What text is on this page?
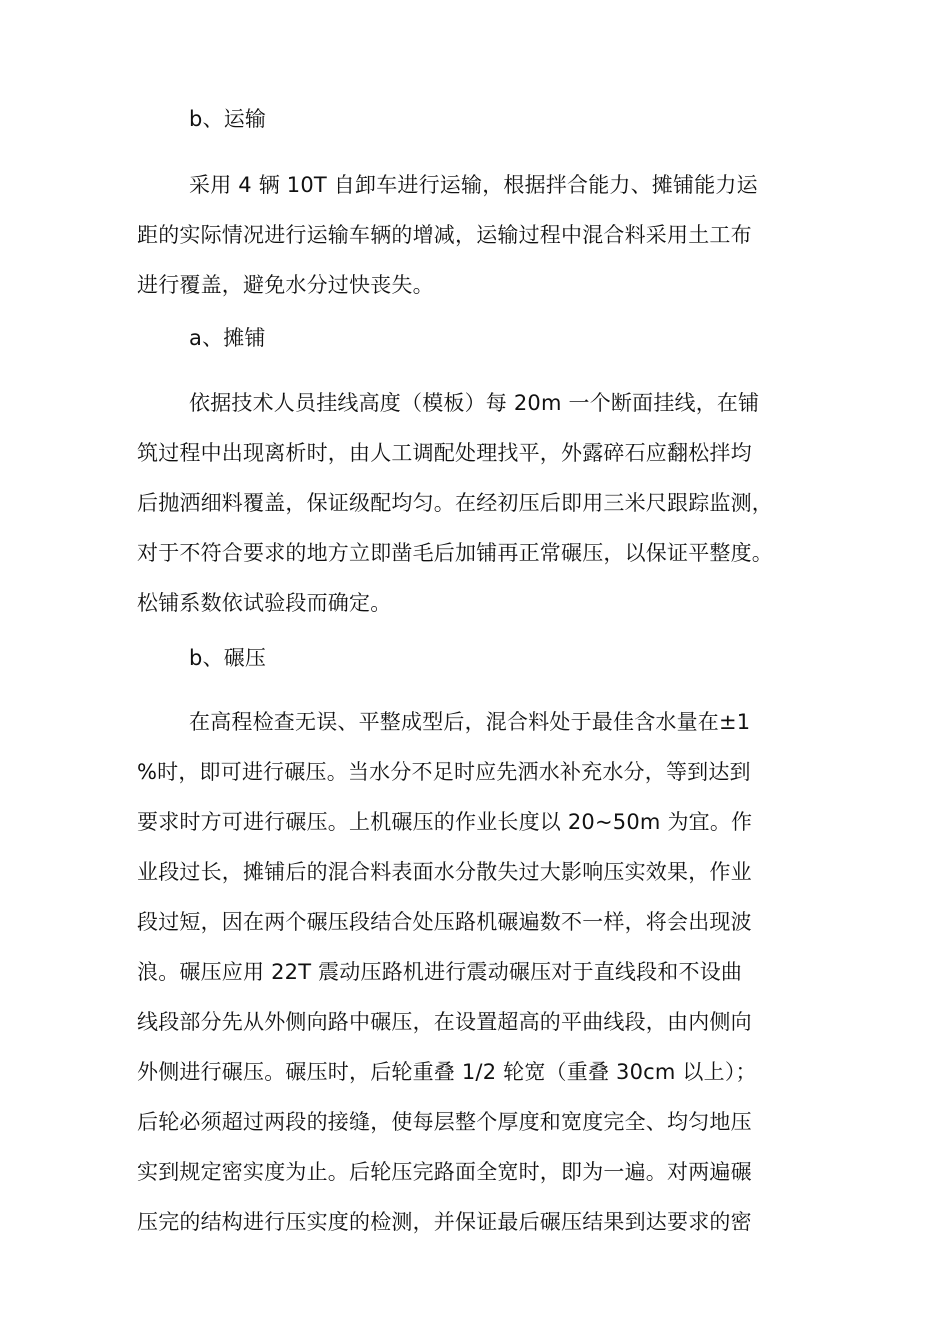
b、运输
采用 4 辆 10T 自卸车进行运输，根据拌合能力、摊铺能力运
距的实际情况进行运输车辆的增减，运输过程中混合料采用土工布
进行覆盖，避免水分过快丧失。
a、摊铺
依据技术人员挂线高度（模板）每 20m 一个断面挂线，在铺
筑过程中出现离析时，由人工调配处理找平，外露碎石应翻松拌均
后抛洒细料覆盖，保证级配均匀。在经初压后即用三米尺跟踪监测，
对于不符合要求的地方立即凿毛后加铺再正常碾压，以保证平整度。
松铺系数依试验段而确定。
b、碾压
在高程检查无误、平整成型后，混合料处于最佳含水量在±1
%时，即可进行碾压。当水分不足时应先洒水补充水分，等到达到
要求时方可进行碾压。上机碾压的作业长度以 20~50m 为宜。作
业段过长，摊铺后的混合料表面水分散失过大影响压实效果，作业
段过短，因在两个碾压段结合处压路机碾遍数不一样，将会出现波
浪。碾压应用 22T 震动压路机进行震动碾压对于直线段和不设曲
线段部分先从外侧向路中碾压，在设置超高的平曲线段，由内侧向
外侧进行碾压。碾压时，后轮重叠 1/2 轮宽（重叠 30cm 以上）；
后轮必须超过两段的接缝，使每层整个厚度和宽度完全、均匀地压
实到规定密实度为止。后轮压完路面全宽时，即为一遍。对两遍碾
压完的结构进行压实度的检测，并保证最后碾压结果到达要求的密
